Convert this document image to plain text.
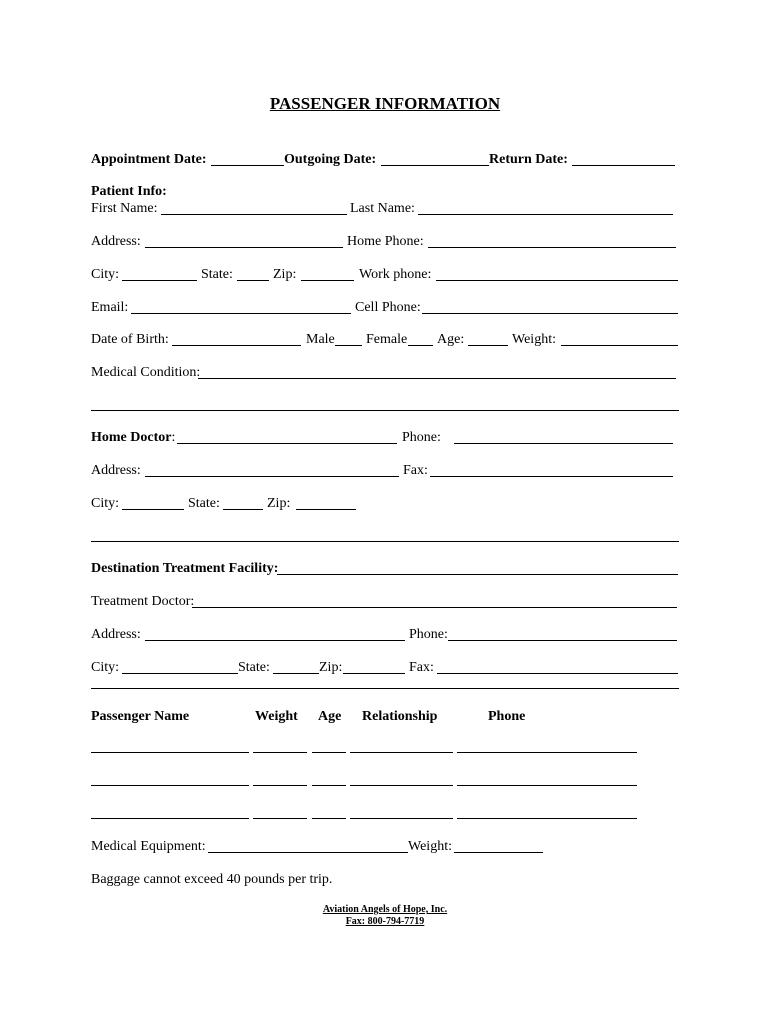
PASSENGER INFORMATION
Appointment Date:	Outgoing Date:	Return Date:
Patient Info:
First Name:	Last Name:
Address:	Home Phone:
City:	State:	Zip:	Work phone:
Email:	Cell Phone:
Date of Birth:	Male Female Age:	Weight:
Medical Condition:
Home Doctor:	Phone:
Address:	Fax:
City:	State:	Zip:
Destination Treatment Facility:
Treatment Doctor:
Address:	Phone:
City:	State:	Zip:	Fax:
Passenger Name	Weight Age Relationship	Phone
Medical Equipment:	Weight:
Baggage cannot exceed 40 pounds per trip.
Aviation Angels of Hope, Inc.
Fax: 800-794-7719
